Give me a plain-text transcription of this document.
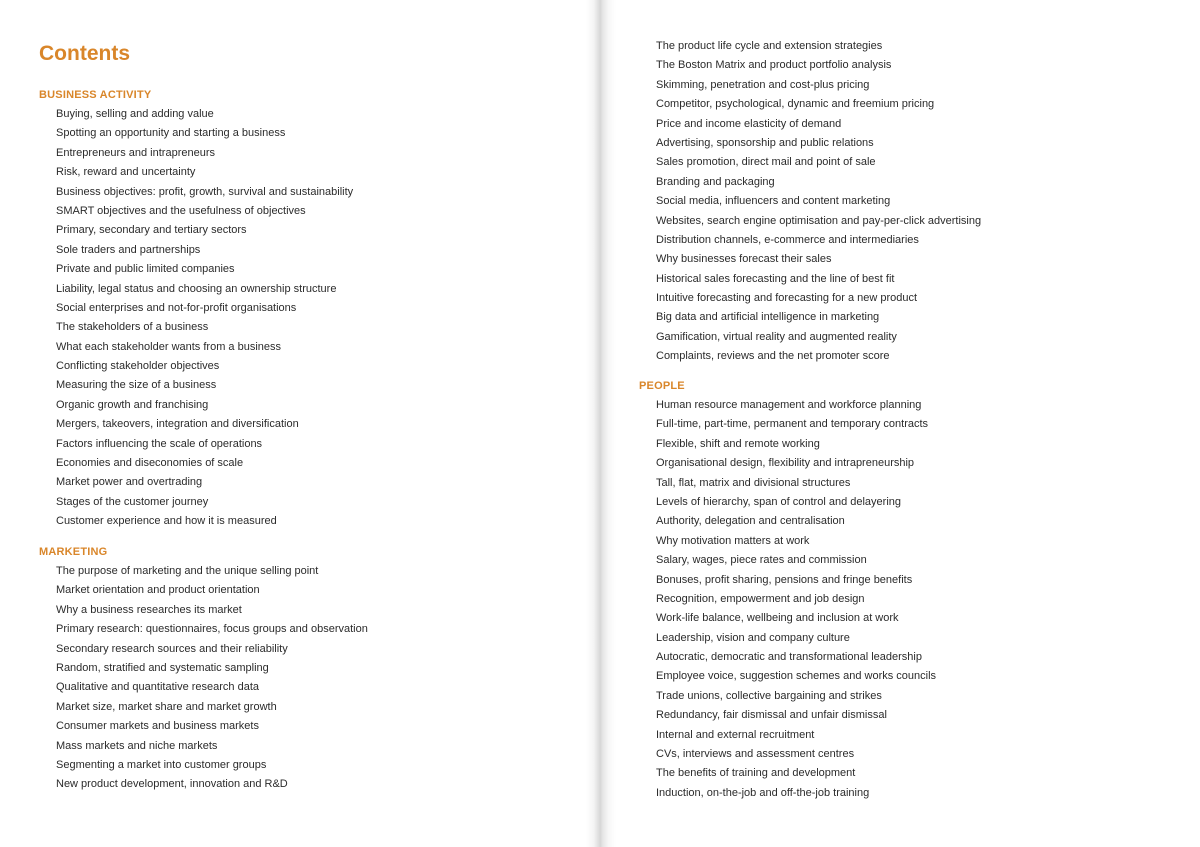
Contents
BUSINESS ACTIVITY
Buying, selling and adding value
Spotting an opportunity and starting a business
Entrepreneurs and intrapreneurs
Risk, reward and uncertainty
Business objectives: profit, growth, survival and sustainability
SMART objectives and the usefulness of objectives
Primary, secondary and tertiary sectors
Sole traders and partnerships
Private and public limited companies
Liability, legal status and choosing an ownership structure
Social enterprises and not-for-profit organisations
The stakeholders of a business
What each stakeholder wants from a business
Conflicting stakeholder objectives
Measuring the size of a business
Organic growth and franchising
Mergers, takeovers, integration and diversification
Factors influencing the scale of operations
Economies and diseconomies of scale
Market power and overtrading
Stages of the customer journey
Customer experience and how it is measured
MARKETING
The purpose of marketing and the unique selling point
Market orientation and product orientation
Why a business researches its market
Primary research: questionnaires, focus groups and observation
Secondary research sources and their reliability
Random, stratified and systematic sampling
Qualitative and quantitative research data
Market size, market share and market growth
Consumer markets and business markets
Mass markets and niche markets
Segmenting a market into customer groups
New product development, innovation and R&D
The product life cycle and extension strategies
The Boston Matrix and product portfolio analysis
Skimming, penetration and cost-plus pricing
Competitor, psychological, dynamic and freemium pricing
Price and income elasticity of demand
Advertising, sponsorship and public relations
Sales promotion, direct mail and point of sale
Branding and packaging
Social media, influencers and content marketing
Websites, search engine optimisation and pay-per-click advertising
Distribution channels, e-commerce and intermediaries
Why businesses forecast their sales
Historical sales forecasting and the line of best fit
Intuitive forecasting and forecasting for a new product
Big data and artificial intelligence in marketing
Gamification, virtual reality and augmented reality
Complaints, reviews and the net promoter score
PEOPLE
Human resource management and workforce planning
Full-time, part-time, permanent and temporary contracts
Flexible, shift and remote working
Organisational design, flexibility and intrapreneurship
Tall, flat, matrix and divisional structures
Levels of hierarchy, span of control and delayering
Authority, delegation and centralisation
Why motivation matters at work
Salary, wages, piece rates and commission
Bonuses, profit sharing, pensions and fringe benefits
Recognition, empowerment and job design
Work-life balance, wellbeing and inclusion at work
Leadership, vision and company culture
Autocratic, democratic and transformational leadership
Employee voice, suggestion schemes and works councils
Trade unions, collective bargaining and strikes
Redundancy, fair dismissal and unfair dismissal
Internal and external recruitment
CVs, interviews and assessment centres
The benefits of training and development
Induction, on-the-job and off-the-job training
